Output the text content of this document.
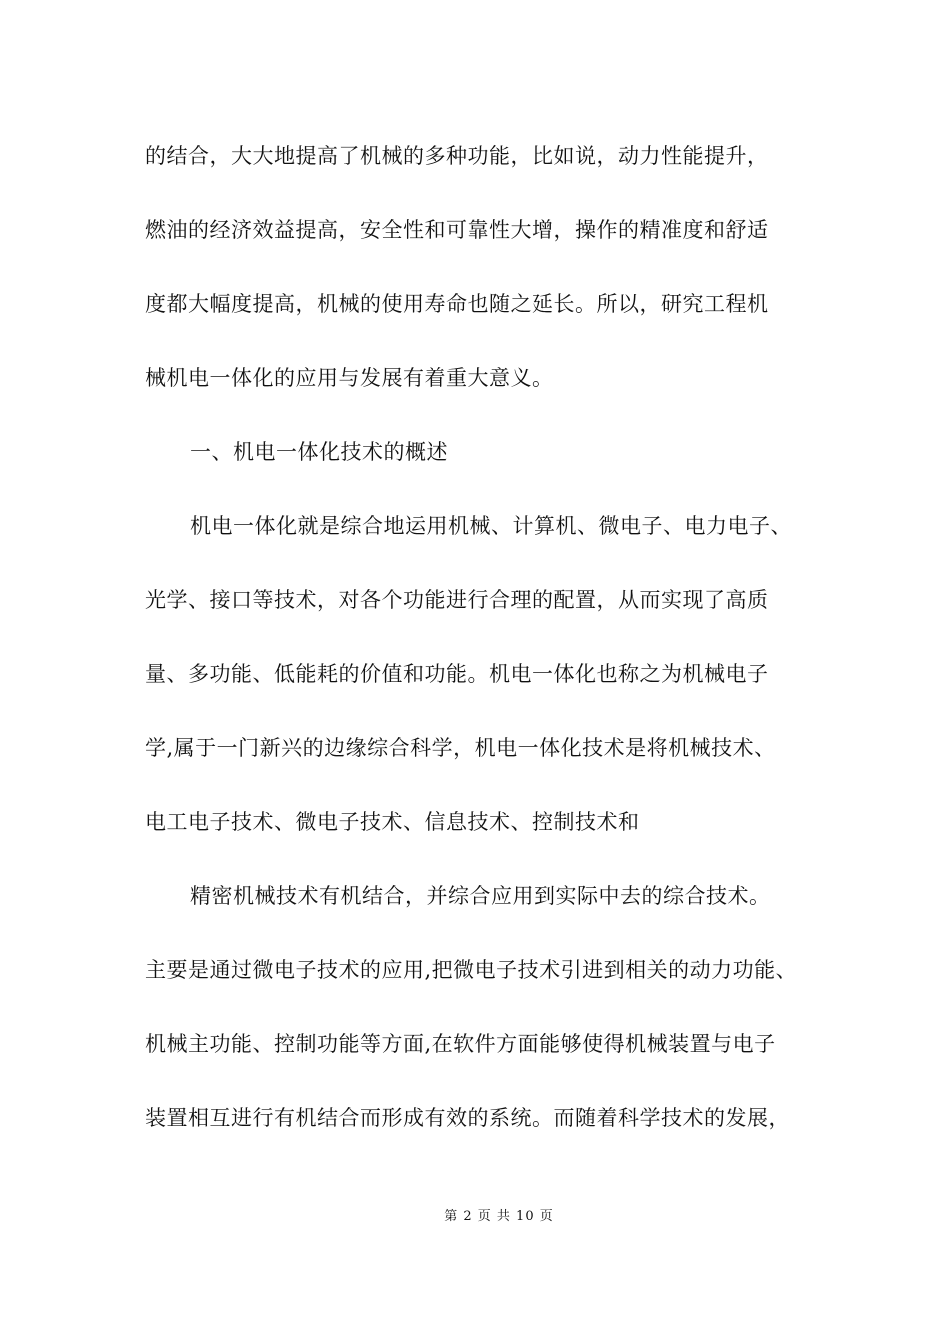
的结合，大大地提高了机械的多种功能，比如说，动力性能提升，
燃油的经济效益提高，安全性和可靠性大增，操作的精准度和舒适
度都大幅度提高，机械的使用寿命也随之延长。所以，研究工程机
械机电一体化的应用与发展有着重大意义。
一、机电一体化技术的概述
机电一体化就是综合地运用机械、计算机、微电子、电力电子、
光学、接口等技术，对各个功能进行合理的配置，从而实现了高质
量、多功能、低能耗的价值和功能。机电一体化也称之为机械电子
学,属于一门新兴的边缘综合科学，机电一体化技术是将机械技术、
电工电子技术、微电子技术、信息技术、控制技术和
精密机械技术有机结合，并综合应用到实际中去的综合技术。
主要是通过微电子技术的应用,把微电子技术引进到相关的动力功能、
机械主功能、控制功能等方面,在软件方面能够使得机械装置与电子
装置相互进行有机结合而形成有效的系统。而随着科学技术的发展，
第 2 页 共 10 页
